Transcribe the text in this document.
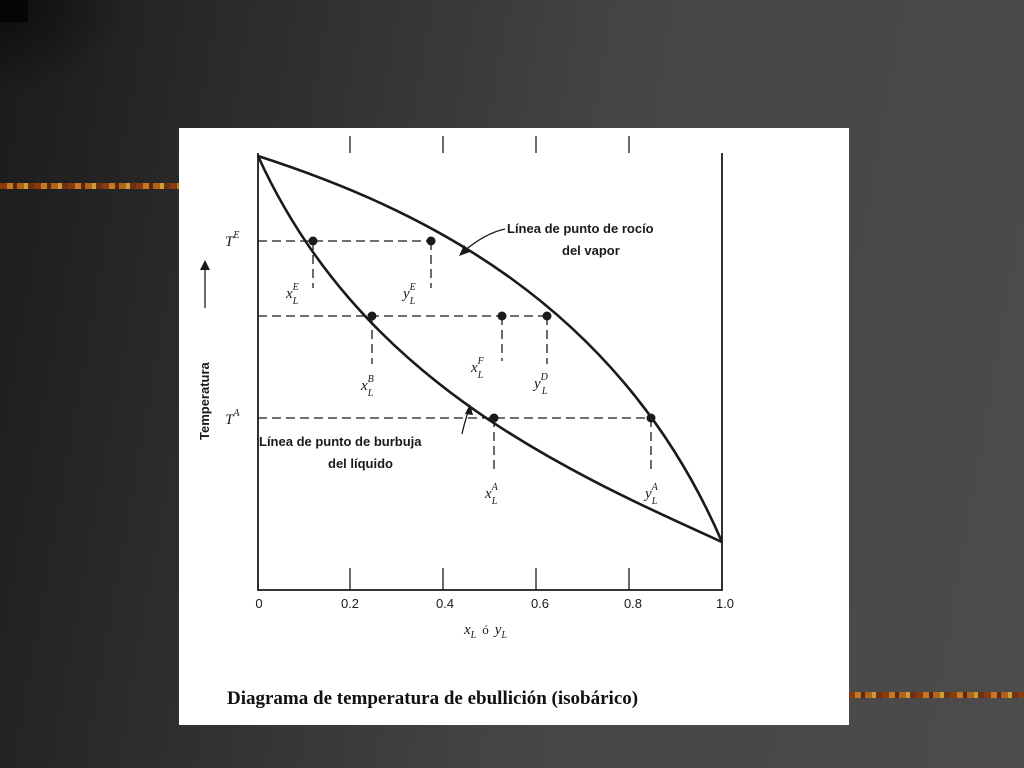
$x^E$ L	$y^E$ L
$x^B$ L
$x^F$ L
$y^D$ L
$x^A$ L	$y^A$ L
$T^E$
$T^A$
Temperatura
Línea de punto de rocío
del vapor
Línea de punto de burbuja
del líquido
0	0.2	0.4	0.6	0.8	1.0
$x_L$ ó $y_L$
Diagrama de temperatura de ebullición (isobárico)
